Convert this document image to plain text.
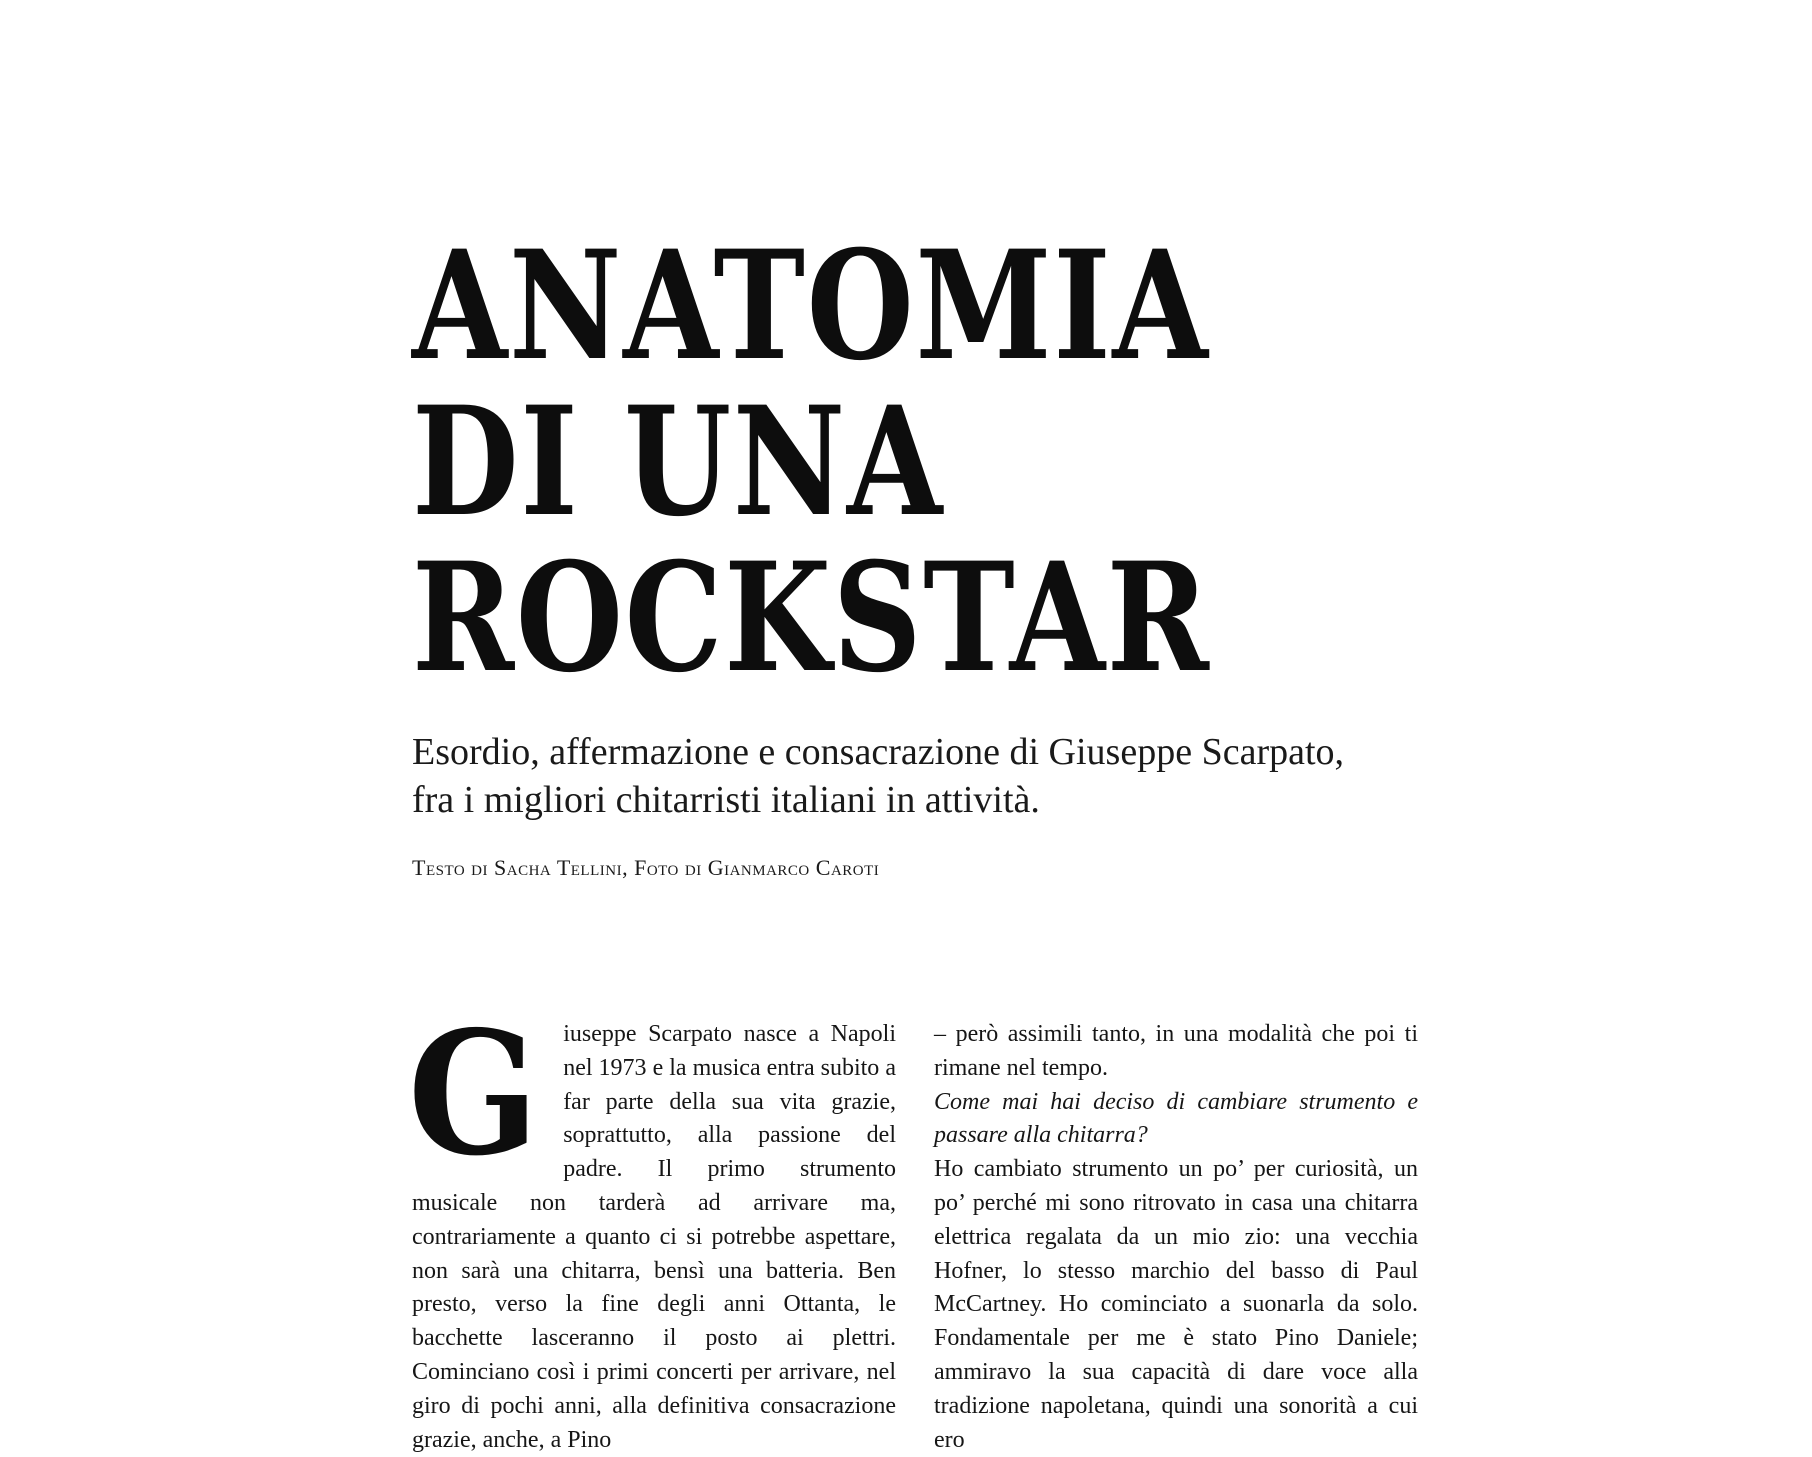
ANATOMIA
DI UNA
ROCKSTAR

Esordio, affermazione e consacrazione di Giuseppe Scarpato, fra i migliori chitarristi italiani in attività.

Testo di Sacha Tellini, Foto di Gianmarco Caroti

G iuseppe Scarpato nasce a Napoli nel 1973 e la musica entra subito a far parte della sua vita grazie, soprattutto, alla passione del padre. Il primo strumento musicale non tarderà ad arrivare ma, contrariamente a quanto ci si potrebbe aspettare, non sarà una chitarra, bensì una batteria. Ben presto, verso la fine degli anni Ottanta, le bacchette lasceranno il posto ai plettri. Cominciano così i primi concerti per arrivare, nel giro di pochi anni, alla definitiva consacrazione grazie, anche, a Pino

– però assimili tanto, in una modalità che poi ti rimane nel tempo.

Come mai hai deciso di cambiare strumento e passare alla chitarra?

Ho cambiato strumento un po’ per curiosità, un po’ perché mi sono ritrovato in casa una chitarra elettrica regalata da un mio zio: una vecchia Hofner, lo stesso marchio del basso di Paul McCartney. Ho cominciato a suonarla da solo. Fondamentale per me è stato Pino Daniele; ammiravo la sua capacità di dare voce alla tradizione napoletana, quindi una sonorità a cui ero
